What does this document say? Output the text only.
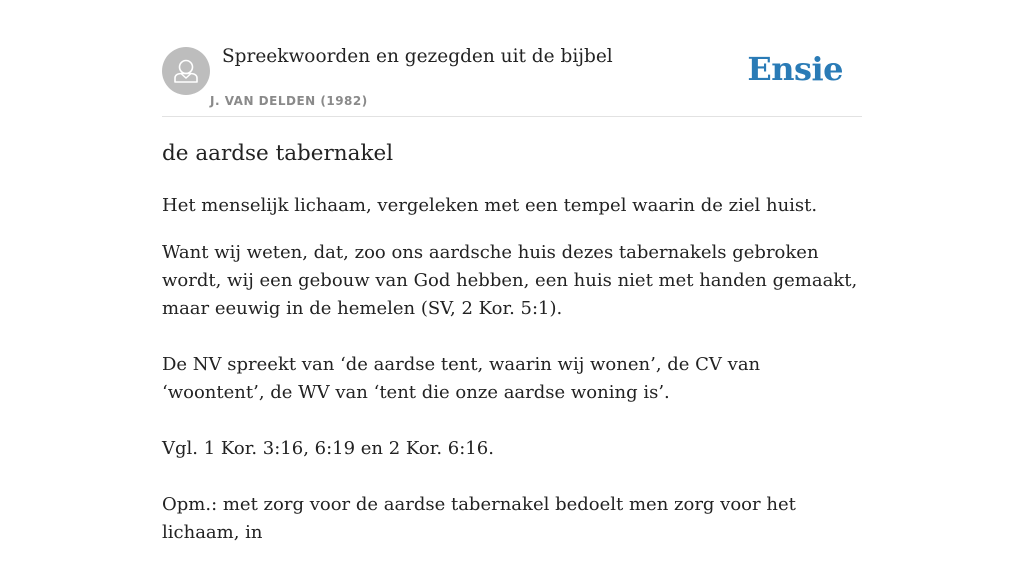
Spreekwoorden en gezegden uit de bijbel
J. VAN DELDEN (1982)
Ensie
de aardse tabernakel

Het menselijk lichaam, vergeleken met een tempel waarin de ziel huist.

Want wij weten, dat, zoo ons aardsche huis dezes tabernakels gebroken wordt, wij een gebouw van God hebben, een huis niet met handen gemaakt, maar eeuwig in de hemelen (SV, 2 Kor. 5:1).

De NV spreekt van ‘de aardse tent, waarin wij wonen’, de CV van ‘woontent’, de WV van ‘tent die onze aardse woning is’.

Vgl. 1 Kor. 3:16, 6:19 en 2 Kor. 6:16.

Opm.: met zorg voor de aardse tabernakel bedoelt men zorg voor het lichaam, in
